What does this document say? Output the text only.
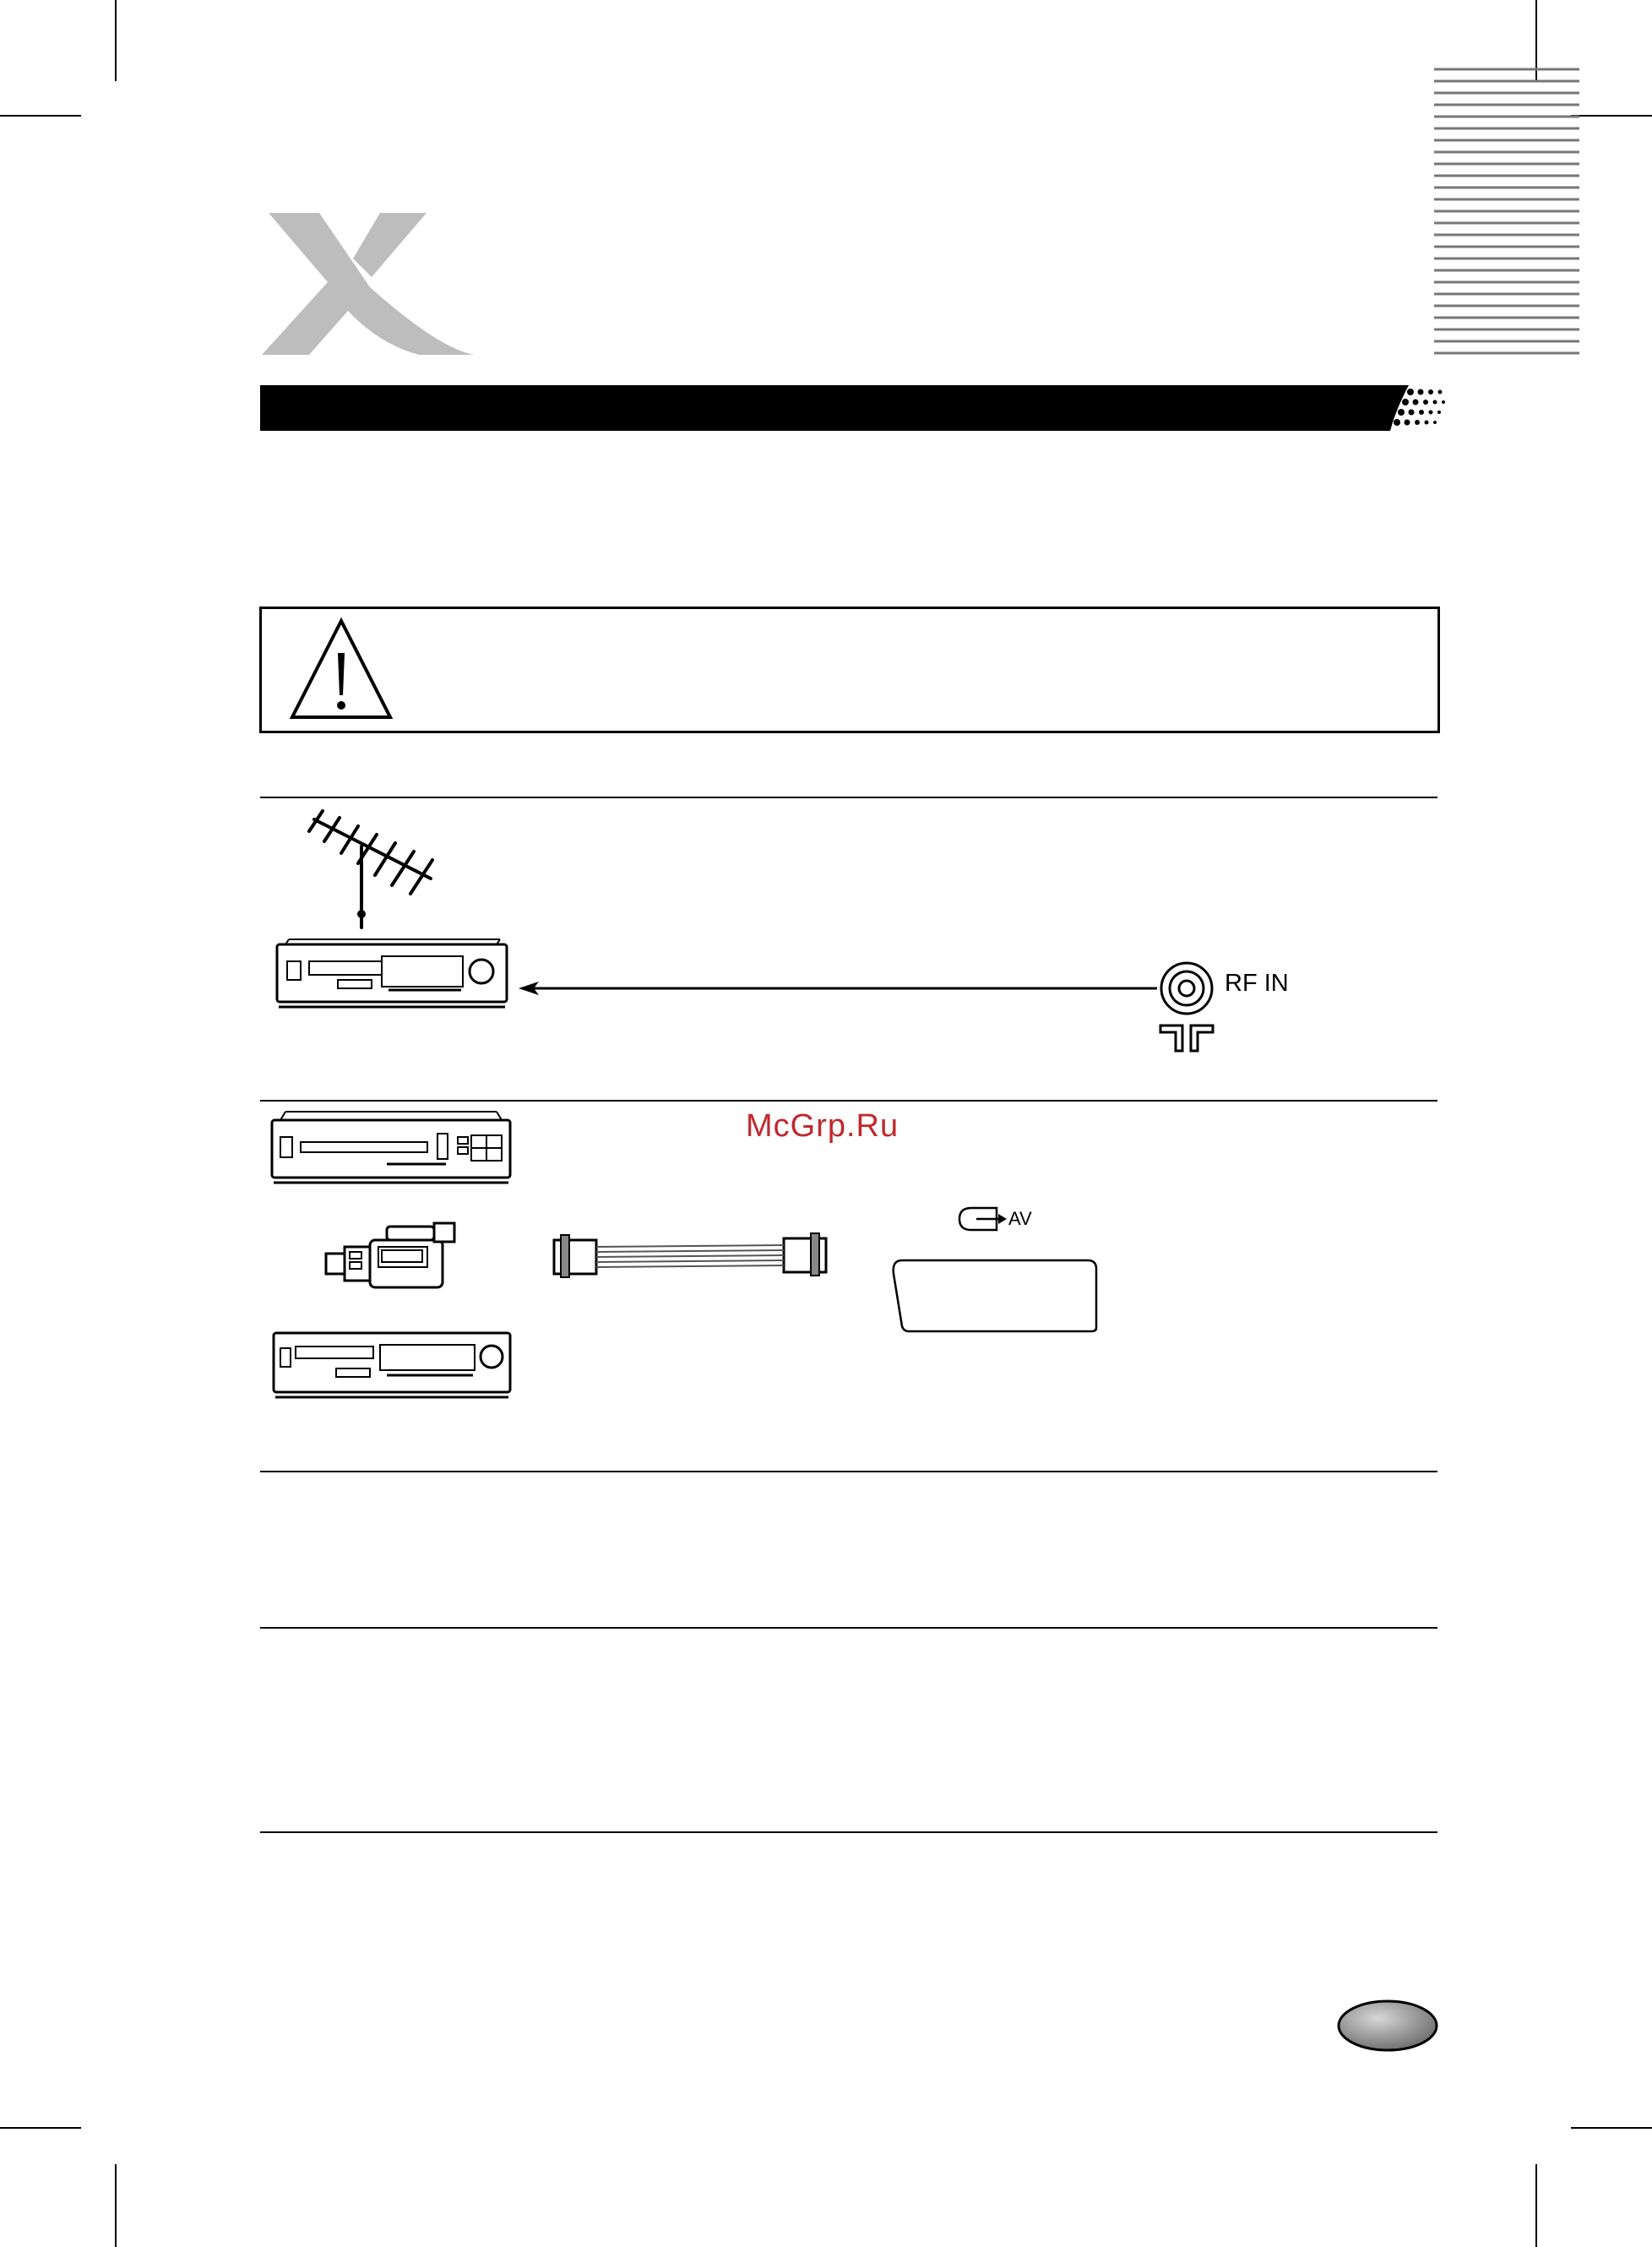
RF IN
McGrp.Ru
AV
